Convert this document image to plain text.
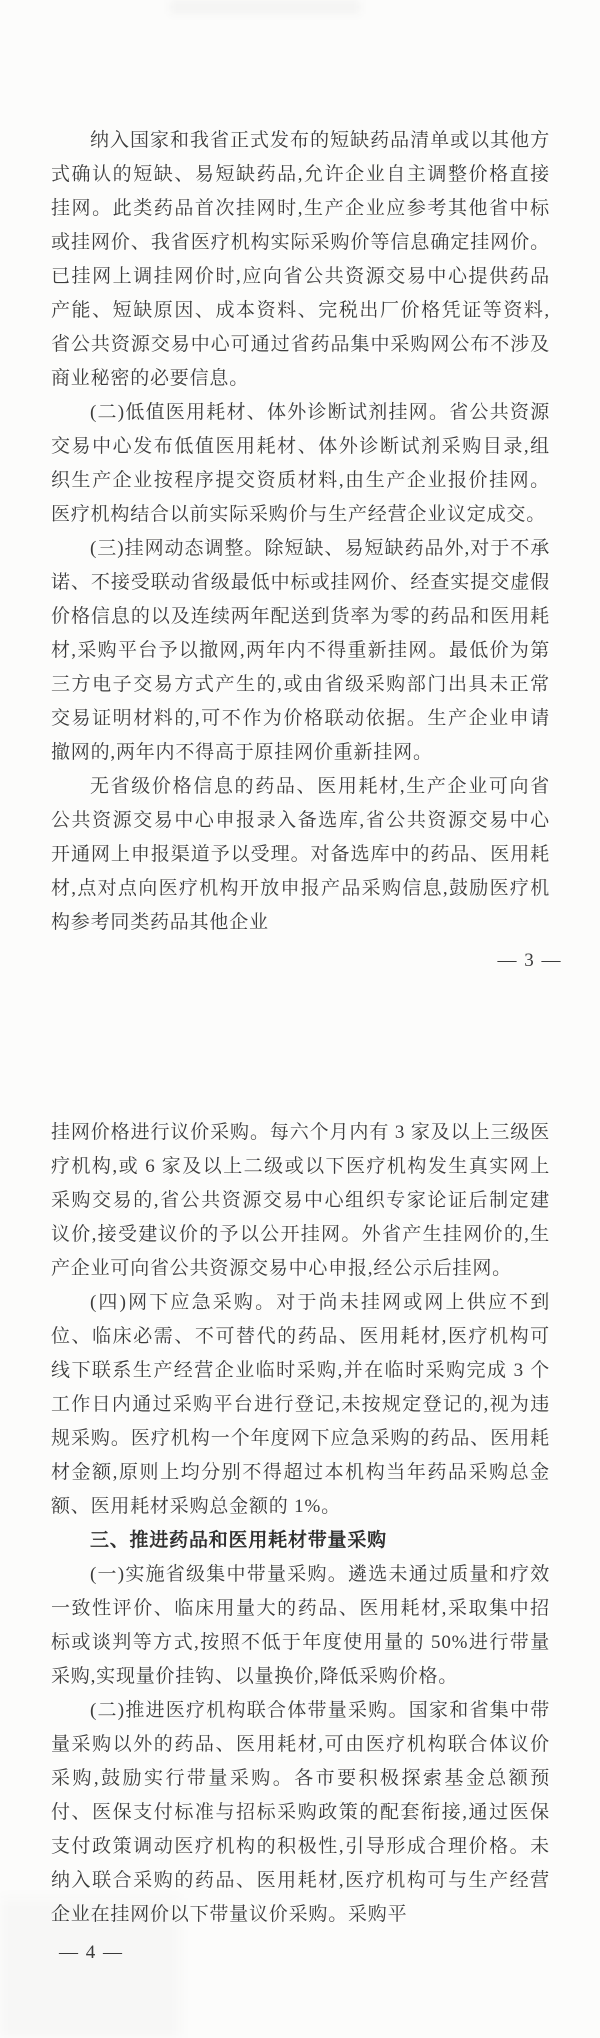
纳入国家和我省正式发布的短缺药品清单或以其他方式确认的短缺、易短缺药品,允许企业自主调整价格直接挂网。此类药品首次挂网时,生产企业应参考其他省中标或挂网价、我省医疗机构实际采购价等信息确定挂网价。已挂网上调挂网价时,应向省公共资源交易中心提供药品产能、短缺原因、成本资料、完税出厂价格凭证等资料,省公共资源交易中心可通过省药品集中采购网公布不涉及商业秘密的必要信息。

(二)低值医用耗材、体外诊断试剂挂网。省公共资源交易中心发布低值医用耗材、体外诊断试剂采购目录,组织生产企业按程序提交资质材料,由生产企业报价挂网。医疗机构结合以前实际采购价与生产经营企业议定成交。

(三)挂网动态调整。除短缺、易短缺药品外,对于不承诺、不接受联动省级最低中标或挂网价、经查实提交虚假价格信息的以及连续两年配送到货率为零的药品和医用耗材,采购平台予以撤网,两年内不得重新挂网。最低价为第三方电子交易方式产生的,或由省级采购部门出具未正常交易证明材料的,可不作为价格联动依据。生产企业申请撤网的,两年内不得高于原挂网价重新挂网。

无省级价格信息的药品、医用耗材,生产企业可向省公共资源交易中心申报录入备选库,省公共资源交易中心开通网上申报渠道予以受理。对备选库中的药品、医用耗材,点对点向医疗机构开放申报产品采购信息,鼓励医疗机构参考同类药品其他企业

— 3 —

挂网价格进行议价采购。每六个月内有 3 家及以上三级医疗机构,或 6 家及以上二级或以下医疗机构发生真实网上采购交易的,省公共资源交易中心组织专家论证后制定建议价,接受建议价的予以公开挂网。外省产生挂网价的,生产企业可向省公共资源交易中心申报,经公示后挂网。

(四)网下应急采购。对于尚未挂网或网上供应不到位、临床必需、不可替代的药品、医用耗材,医疗机构可线下联系生产经营企业临时采购,并在临时采购完成 3 个工作日内通过采购平台进行登记,未按规定登记的,视为违规采购。医疗机构一个年度网下应急采购的药品、医用耗材金额,原则上均分别不得超过本机构当年药品采购总金额、医用耗材采购总金额的 1%。

三、推进药品和医用耗材带量采购

(一)实施省级集中带量采购。遴选未通过质量和疗效一致性评价、临床用量大的药品、医用耗材,采取集中招标或谈判等方式,按照不低于年度使用量的 50%进行带量采购,实现量价挂钩、以量换价,降低采购价格。

(二)推进医疗机构联合体带量采购。国家和省集中带量采购以外的药品、医用耗材,可由医疗机构联合体议价采购,鼓励实行带量采购。各市要积极探索基金总额预付、医保支付标准与招标采购政策的配套衔接,通过医保支付政策调动医疗机构的积极性,引导形成合理价格。未纳入联合采购的药品、医用耗材,医疗机构可与生产经营企业在挂网价以下带量议价采购。采购平

— 4 —
